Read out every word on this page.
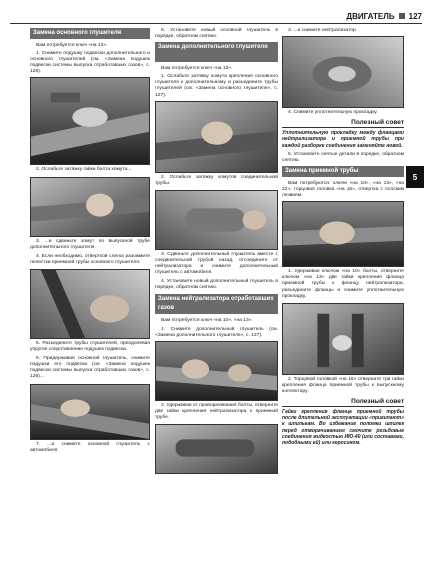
ДВИГАТЕЛЬ 127
5
Замена основного глушителя

Вам потребуется ключ «на 13».

1. Снимите подушку подвески дополнительного и основного глушителей (см. «Замена подушек подвески системы выпуска отработавших газов», с. 126).

2. Ослабьте затяжку гайки болта хомута...

3. ...и сдвиньте хомут по выпускной трубе дополнительного глушителя.

4. Если необходимо, отверткой слегка разожмите лепестки приемной трубы основного глушителя.

5. Разъедините трубы глушителей, преодолевая упругое сопротивление подушек подвески.

6. Придерживая основной глушитель, снимите подушки его подвески (см. «Замена подушек подвески системы выпуска отработавших газов», с. 126)...

7. ...и снимите основной глушитель с автомобиля.

8. Установите новый основной глушитель в порядке, обратном снятию.

Замена дополнительного глушителя

Вам потребуется ключ «на 13».

1. Ослабьте затяжку хомута крепления основного глушителя к дополнительному и разъедините трубы глушителей (см. «Замена основного глушителя», с. 127).

2. Ослабьте затяжку хомутов соединительной трубы.

3. Сдвиньте дополнительный глушитель вместе с соединительной трубой назад, отсоедините от нейтрализатора и снимите дополнительный глушитель с автомобиля.

4. Установите новый дополнительный глушитель в порядке, обратном снятию.

Замена нейтрализатора отработавших газов

Вам потребуется ключ «на 10», «на 13».

1. Снимите дополнительный глушитель (см. «Замена дополнительного глушителя», с. 127).

2. Удерживая от проворачивания болты, отверните две гайки крепления нейтрализатора к приемной трубе.

3. ...и снимите нейтрализатор.

4. Снимите уплотнительную прокладку.

Полезный совет

Уплотнительную прокладку между фланцами нейтрализатора и приемной трубы при каждой разборке соединения заменяйте новой.

5. Установите снятые детали в порядке, обратном снятию.

Замена приемной трубы

Вам потребуются: ключи «на 10», «на 13», «на 22», торцовая головка «на 16», отвертка с плоским лезвием.

1. Удерживая ключом «на 10» болты, отверните ключом «на 13» две гайки крепления фланца приемной трубы к фланцу нейтрализатора, разъедините фланцы и снимите уплотнительную прокладку.

2. Торцовой головкой «на 16» отверните три гайки крепления фланца приемной трубы к выпускному коллектору.

Полезный совет

Гайки крепления фланца приемной трубы после длительной эксплуатации «прикипают» к шпилькам. Во избежание поломки шпилек перед отворачиванием смочите резьбовые соединения жидкостью ИЮ-40 (или составами, подобными ей) или керосином.
